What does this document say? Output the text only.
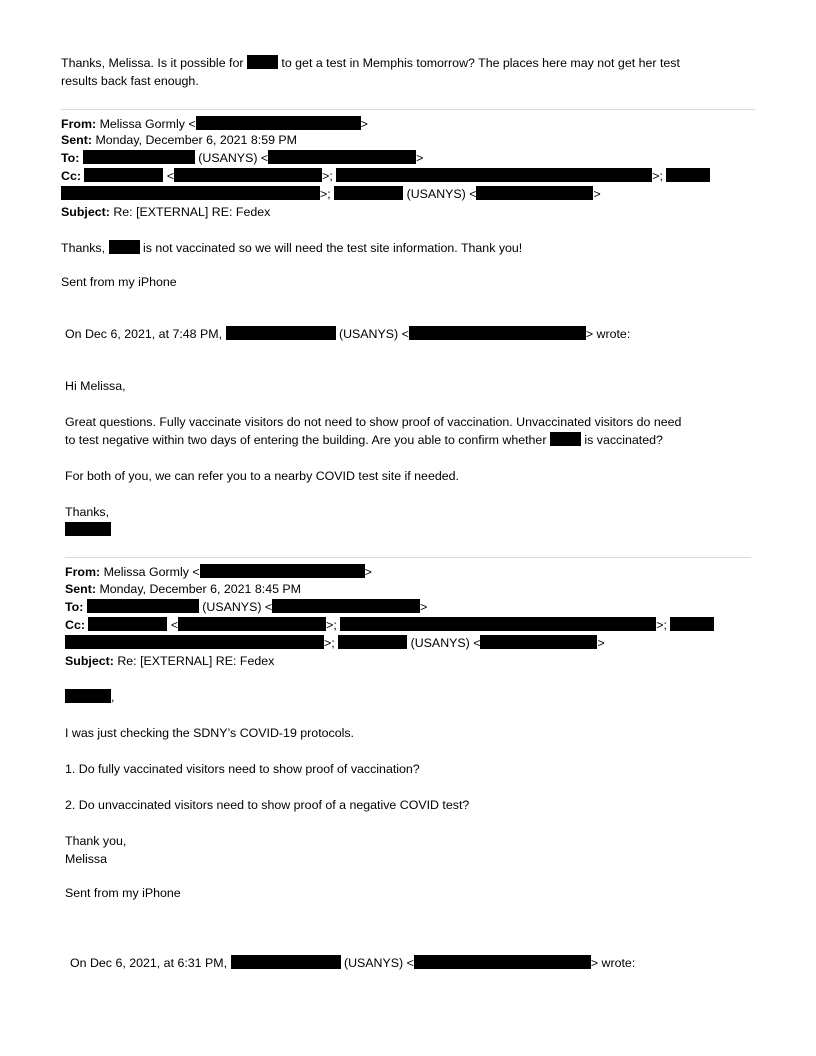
Thanks, Melissa. Is it possible for	to get a test in Memphis tomorrow? The places here may not get her test

results back fast enough.

From: Melissa Gormly <	>

Sent: Monday, December 6, 2021 8:59 PM

To:	(USANYS) <	>

Cc:	<	>;	>;

>;	(USANYS) <	>

Subject: Re: [EXTERNAL] RE: Fedex

Thanks,	is not vaccinated so we will need the test site information. Thank you!

Sent from my iPhone

On Dec 6, 2021, at 7:48 PM,	(USANYS) <	> wrote:

Hi Melissa,

Great questions. Fully vaccinate visitors do not need to show proof of vaccination. Unvaccinated visitors do need

to test negative within two days of entering the building. Are you able to confirm whether	is vaccinated?

For both of you, we can refer you to a nearby COVID test site if needed.

Thanks,

From: Melissa Gormly <	>

Sent: Monday, December 6, 2021 8:45 PM

To:	(USANYS) <	>

Cc:	<	>;	>;

>;	(USANYS) <	>

Subject: Re: [EXTERNAL] RE: Fedex

,

I was just checking the SDNY’s COVID-19 protocols.

1. Do fully vaccinated visitors need to show proof of vaccination?

2. Do unvaccinated visitors need to show proof of a negative COVID test?

Thank you,

Melissa

Sent from my iPhone

On Dec 6, 2021, at 6:31 PM,	(USANYS) <	> wrote:
